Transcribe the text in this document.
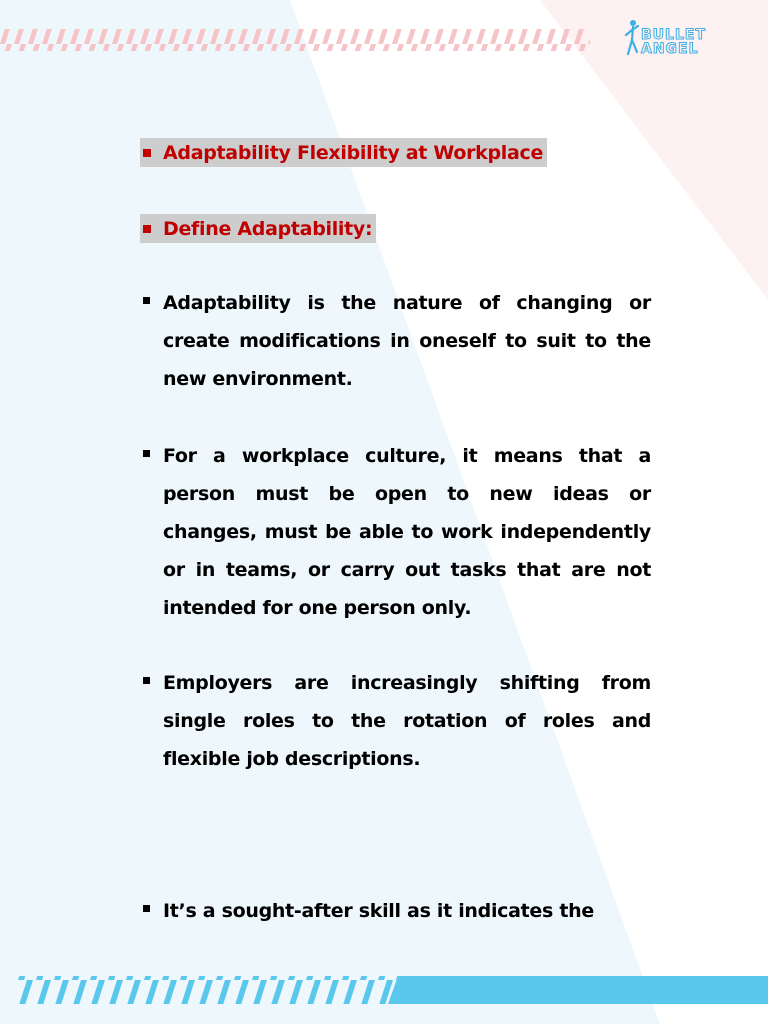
BULLET
ANGEL
Adaptability Flexibility at Workplace
Define Adaptability:
Adaptability is the nature of changing or create modifications in oneself to suit to the new environment.
For a workplace culture, it means that a person must be open to new ideas or changes, must be able to work independently or in teams, or carry out tasks that are not intended for one person only.
Employers are increasingly shifting from single roles to the rotation of roles and flexible job descriptions.
It’s a sought-after skill as it indicates the
